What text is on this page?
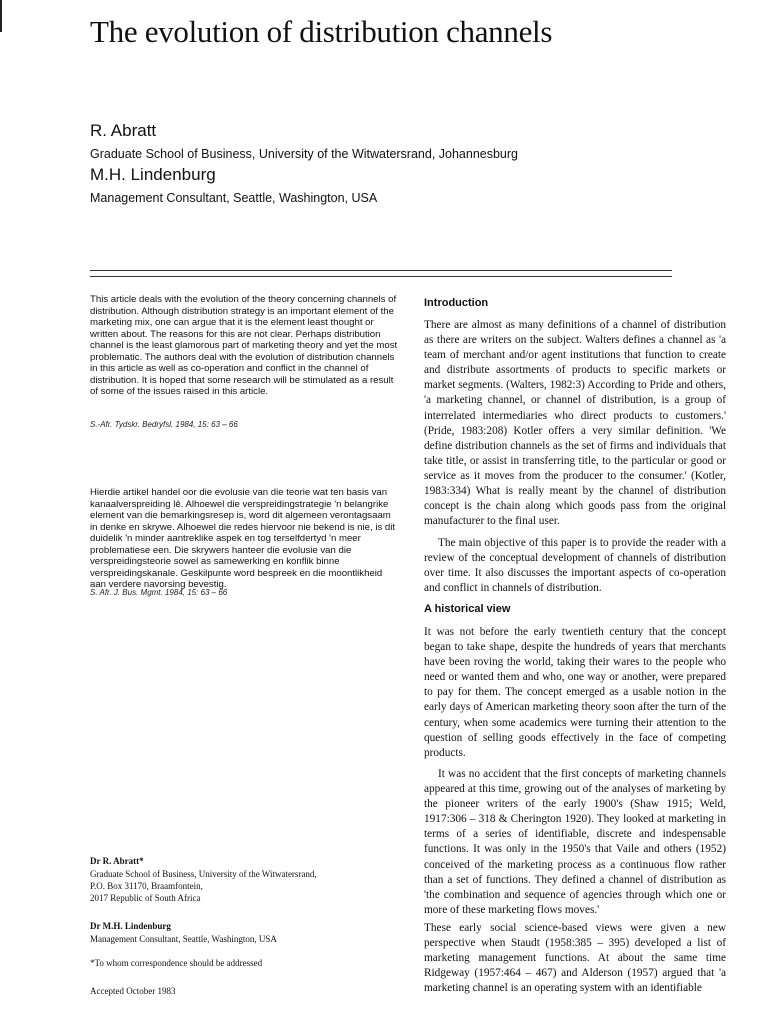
The evolution of distribution channels
R. Abratt
Graduate School of Business, University of the Witwatersrand, Johannesburg
M.H. Lindenburg
Management Consultant, Seattle, Washington, USA

This article deals with the evolution of the theory concerning channels of distribution. Although distribution strategy is an important element of the marketing mix, one can argue that it is the element least thought or written about. The reasons for this are not clear. Perhaps distribution channel is the least glamorous part of marketing theory and yet the most problematic. The authors deal with the evolution of distribution channels in this article as well as co-operation and conflict in the channel of distribution. It is hoped that some research will be stimulated as a result of some of the issues raised in this article.

S.-Afr. Tydskr. Bedryfsl. 1984, 15: 63 – 66

Hierdie artikel handel oor die evolusie van die teorie wat ten basis van kanaalverspreiding lê. Alhoewel die verspreidingstrategie 'n belangrike element van die bemarkingsresep is, word dit algemeen verontagsaam in denke en skrywe. Alhoewel die redes hiervoor nie bekend is nie, is dit duidelik 'n minder aantreklike aspek en tog terselfdertyd 'n meer problematiese een. Die skrywers hanteer die evolusie van die verspreidingsteorie sowel as samewerking en konflik binne verspreidingskanale. Geskilpunte word bespreek en die moontlikheid aan verdere navorsing bevestig.

S. Afr. J. Bus. Mgmt. 1984, 15: 63 – 66
Dr R. Abratt*
Graduate School of Business, University of the Witwatersrand,
P.O. Box 31170, Braamfontein,
2017 Republic of South Africa
Dr M.H. Lindenburg
Management Consultant, Seattle, Washington, USA
*To whom correspondence should be addressed
Accepted October 1983
Introduction

There are almost as many definitions of a channel of distribution as there are writers on the subject. Walters defines a channel as 'a team of merchant and/or agent institutions that function to create and distribute assortments of products to specific markets or market segments. (Walters, 1982:3) According to Pride and others, 'a marketing channel, or channel of distribution, is a group of interrelated intermediaries who direct products to customers.' (Pride, 1983:208) Kotler offers a very similar definition. 'We define distribution channels as the set of firms and individuals that take title, or assist in transferring title, to the particular or good or service as it moves from the producer to the consumer.' (Kotler, 1983:334) What is really meant by the channel of distribution concept is the chain along which goods pass from the original manufacturer to the final user.

The main objective of this paper is to provide the reader with a review of the conceptual development of channels of distribution over time. It also discusses the important aspects of co-operation and conflict in channels of distribution.

A historical view

It was not before the early twentieth century that the concept began to take shape, despite the hundreds of years that merchants have been roving the world, taking their wares to the people who need or wanted them and who, one way or another, were prepared to pay for them. The concept emerged as a usable notion in the early days of American marketing theory soon after the turn of the century, when some academics were turning their attention to the question of selling goods effectively in the face of competing products.

It was no accident that the first concepts of marketing channels appeared at this time, growing out of the analyses of marketing by the pioneer writers of the early 1900's (Shaw 1915; Weld, 1917:306 – 318 & Cherington 1920). They looked at marketing in terms of a series of identifiable, discrete and indespensable functions. It was only in the 1950's that Vaile and others (1952) conceived of the marketing process as a continuous flow rather than a set of functions. They defined a channel of distribution as 'the combination and sequence of agencies through which one or more of these marketing flows moves.'

These early social science-based views were given a new perspective when Staudt (1958:385 – 395) developed a list of marketing management functions. At about the same time Ridgeway (1957:464 – 467) and Alderson (1957) argued that 'a marketing channel is an operating system with an identifiable
